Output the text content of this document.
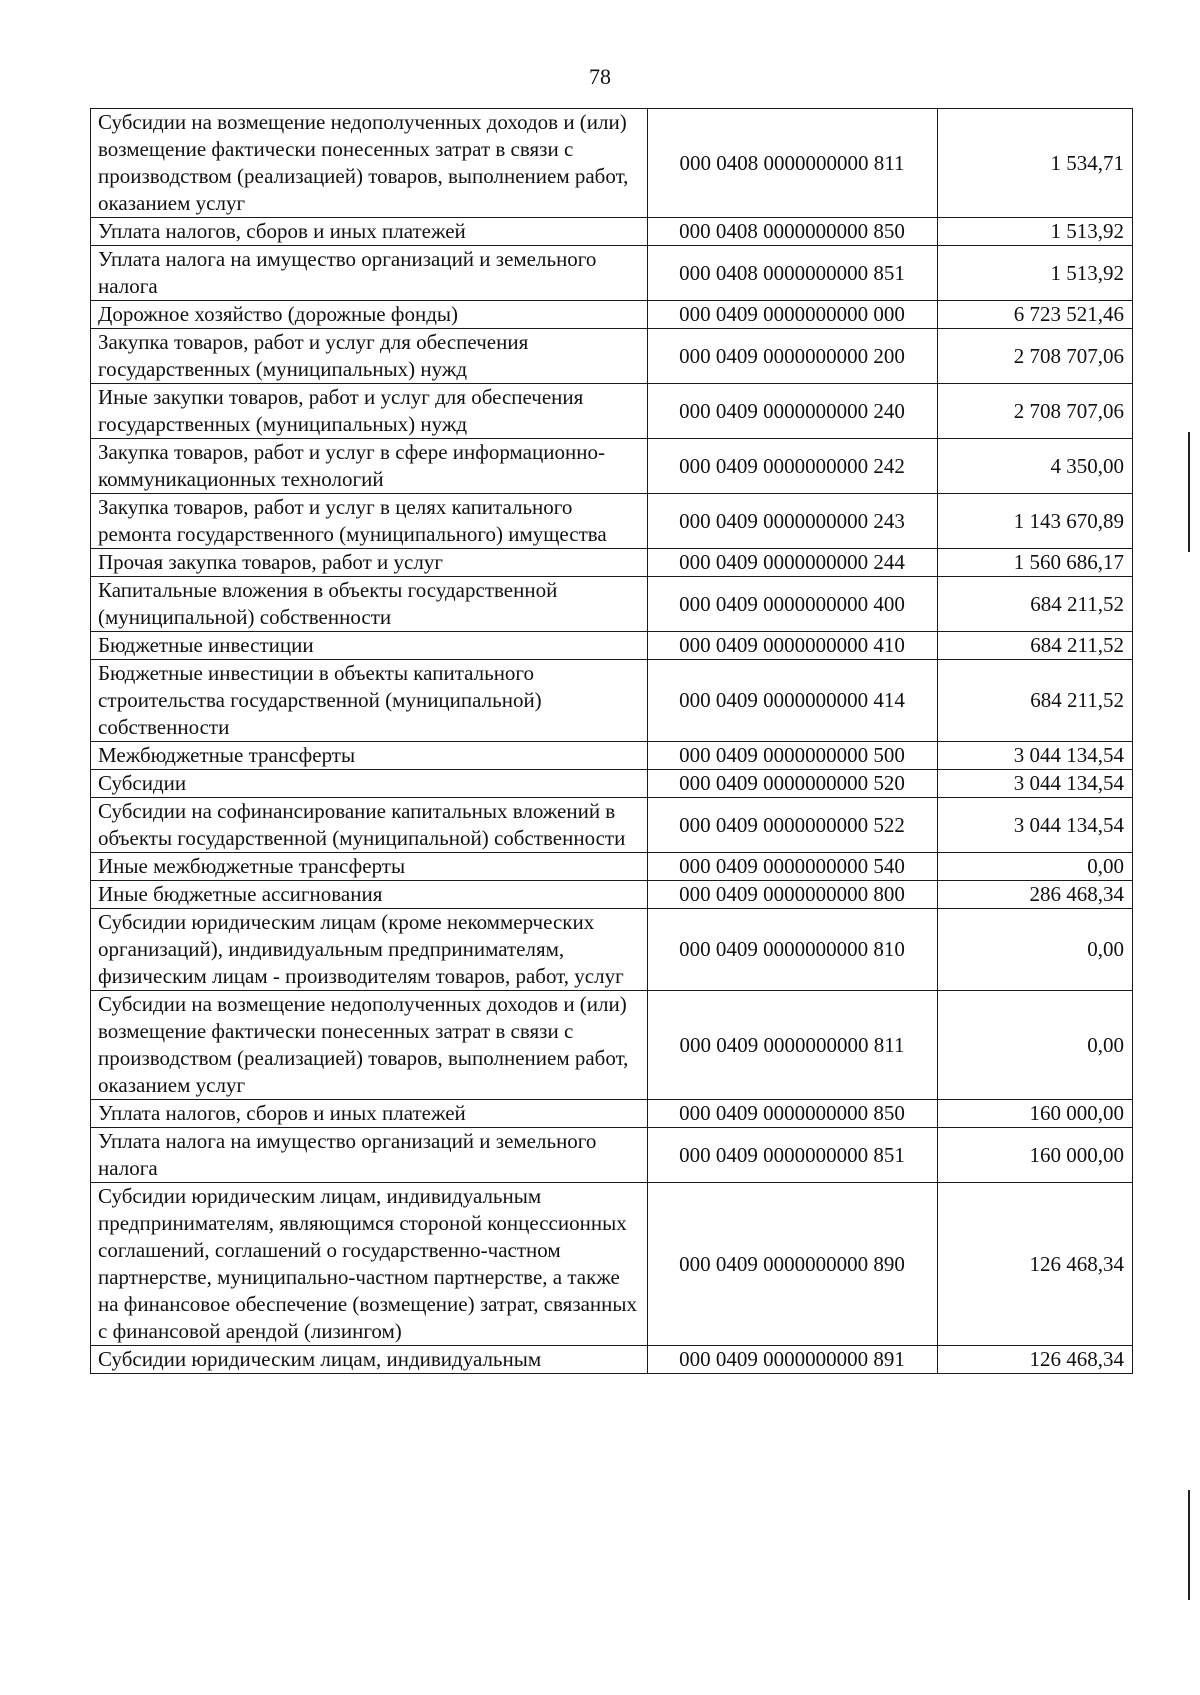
78
Субсидии на возмещение недополученных доходов и (или) возмещение фактически понесенных затрат в связи с производством (реализацией) товаров, выполнением работ, оказанием услуг	000 0408 0000000000 811	1 534,71
Уплата налогов, сборов и иных платежей	000 0408 0000000000 850	1 513,92
Уплата налога на имущество организаций и земельного налога	000 0408 0000000000 851	1 513,92
Дорожное хозяйство (дорожные фонды)	000 0409 0000000000 000	6 723 521,46
Закупка товаров, работ и услуг для обеспечения государственных (муниципальных) нужд	000 0409 0000000000 200	2 708 707,06
Иные закупки товаров, работ и услуг для обеспечения государственных (муниципальных) нужд	000 0409 0000000000 240	2 708 707,06
Закупка товаров, работ и услуг в сфере информационно-коммуникационных технологий	000 0409 0000000000 242	4 350,00
Закупка товаров, работ и услуг в целях капитального ремонта государственного (муниципального) имущества	000 0409 0000000000 243	1 143 670,89
Прочая закупка товаров, работ и услуг	000 0409 0000000000 244	1 560 686,17
Капитальные вложения в объекты государственной (муниципальной) собственности	000 0409 0000000000 400	684 211,52
Бюджетные инвестиции	000 0409 0000000000 410	684 211,52
Бюджетные инвестиции в объекты капитального строительства государственной (муниципальной) собственности	000 0409 0000000000 414	684 211,52
Межбюджетные трансферты	000 0409 0000000000 500	3 044 134,54
Субсидии	000 0409 0000000000 520	3 044 134,54
Субсидии на софинансирование капитальных вложений в объекты государственной (муниципальной) собственности	000 0409 0000000000 522	3 044 134,54
Иные межбюджетные трансферты	000 0409 0000000000 540	0,00
Иные бюджетные ассигнования	000 0409 0000000000 800	286 468,34
Субсидии юридическим лицам (кроме некоммерческих организаций), индивидуальным предпринимателям, физическим лицам - производителям товаров, работ, услуг	000 0409 0000000000 810	0,00
Субсидии на возмещение недополученных доходов и (или) возмещение фактически понесенных затрат в связи с производством (реализацией) товаров, выполнением работ, оказанием услуг	000 0409 0000000000 811	0,00
Уплата налогов, сборов и иных платежей	000 0409 0000000000 850	160 000,00
Уплата налога на имущество организаций и земельного налога	000 0409 0000000000 851	160 000,00
Субсидии юридическим лицам, индивидуальным предпринимателям, являющимся стороной концессионных соглашений, соглашений о государственно-частном партнерстве, муниципально-частном партнерстве, а также на финансовое обеспечение (возмещение) затрат, связанных с финансовой арендой (лизингом)	000 0409 0000000000 890	126 468,34
Субсидии юридическим лицам, индивидуальным	000 0409 0000000000 891	126 468,34
